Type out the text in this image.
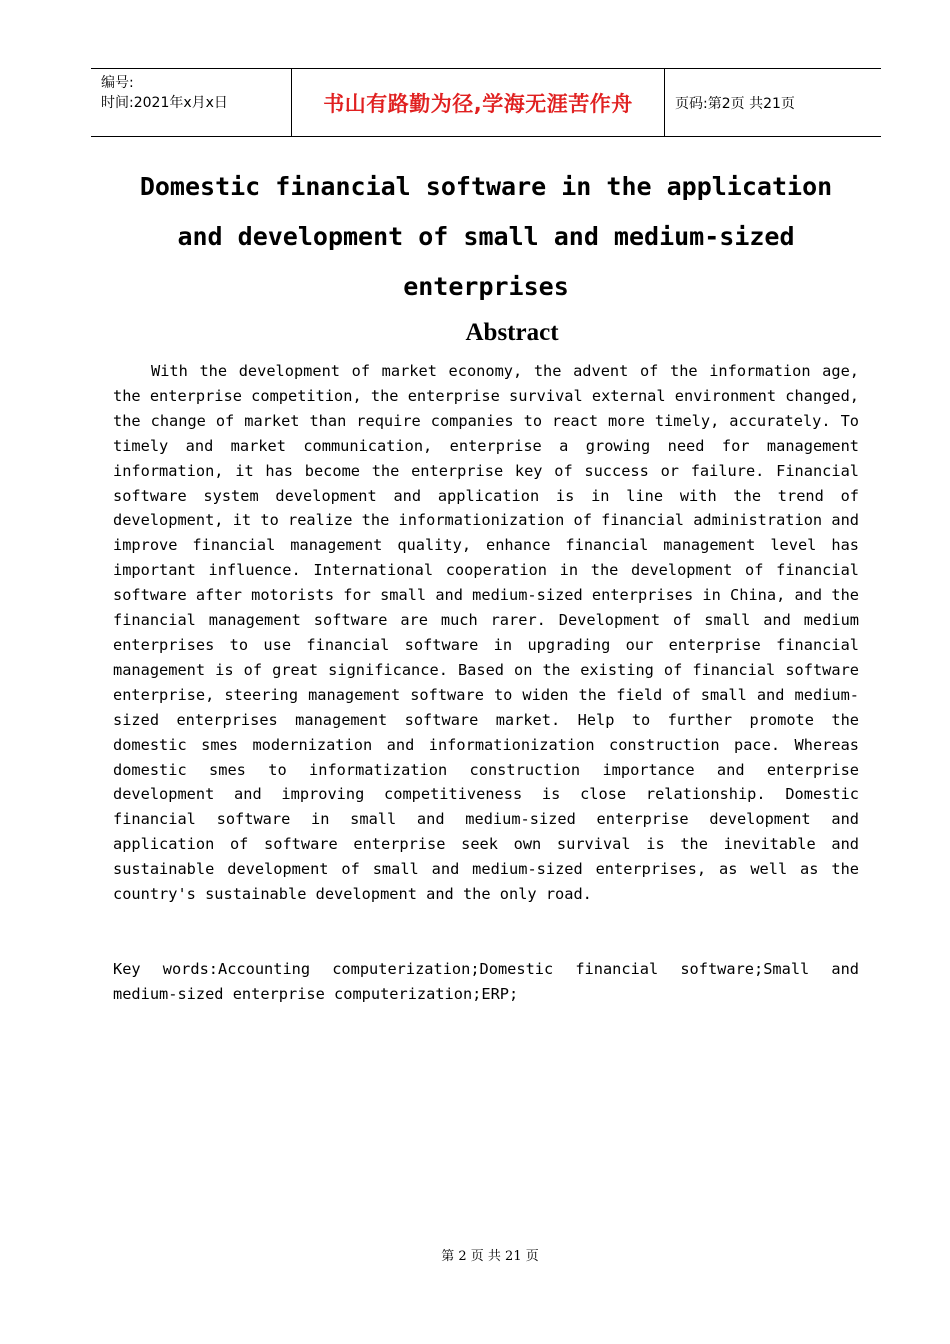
编号:
时间:2021年x月x日	书山有路勤为径,学海无涯苦作舟	页码:第2页 共21页
Domestic financial software in the application and development of small and medium-sized enterprises
Abstract

With the development of market economy, the advent of the information age, the enterprise competition, the enterprise survival external environment changed, the change of market than require companies to react more timely, accurately. To timely and market communication, enterprise a growing need for management information, it has become the enterprise key of success or failure. Financial software system development and application is in line with the trend of development, it to realize the informationization of financial administration and improve financial management quality, enhance financial management level has important influence. International cooperation in the development of financial software after motorists for small and medium-sized enterprises in China, and the financial management software are much rarer. Development of small and medium enterprises to use financial software in upgrading our enterprise financial management is of great significance. Based on the existing of financial software enterprise, steering management software to widen the field of small and medium-sized enterprises management software market. Help to further promote the domestic smes modernization and informationization construction pace. Whereas domestic smes to informatization construction importance and enterprise development and improving competitiveness is close relationship. Domestic financial software in small and medium-sized enterprise development and application of software enterprise seek own survival is the inevitable and sustainable development of small and medium-sized enterprises, as well as the country's sustainable development and the only road.

Key words:Accounting computerization;Domestic financial software;Small and medium-sized enterprise computerization;ERP;

第 2 页 共 21 页
